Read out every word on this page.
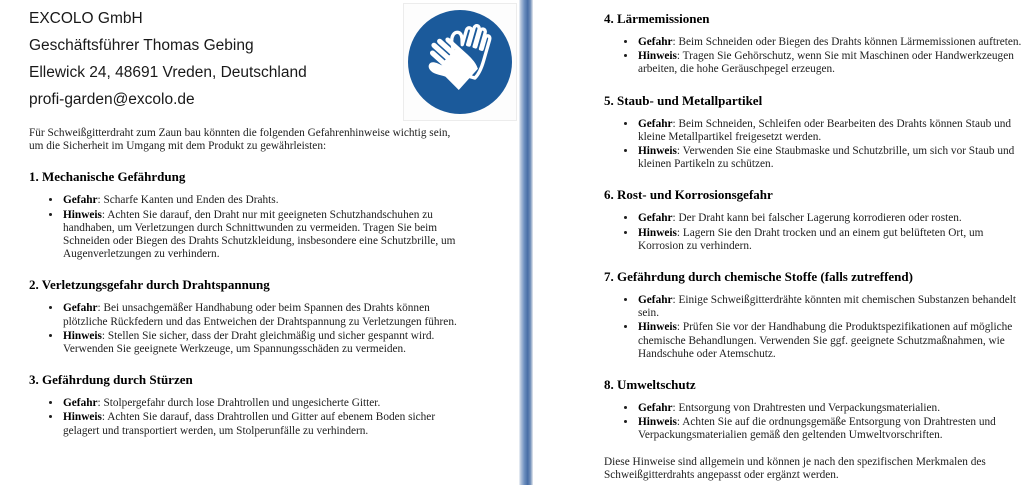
EXCOLO GmbH
Geschäftsführer Thomas Gebing
Ellewick 24, 48691 Vreden, Deutschland
profi-garden@excolo.de

Für Schweißgitterdraht zum Zaun bau könnten die folgenden Gefahrenhinweise wichtig sein, um die Sicherheit im Umgang mit dem Produkt zu gewährleisten:

1. Mechanische Gefährdung
• Gefahr: Scharfe Kanten und Enden des Drahts.
• Hinweis: Achten Sie darauf, den Draht nur mit geeigneten Schutzhandschuhen zu handhaben, um Verletzungen durch Schnittwunden zu vermeiden. Tragen Sie beim Schneiden oder Biegen des Drahts Schutzkleidung, insbesondere eine Schutzbrille, um Augenverletzungen zu verhindern.
2. Verletzungsgefahr durch Drahtspannung
• Gefahr: Bei unsachgemäßer Handhabung oder beim Spannen des Drahts können plötzliche Rückfedern und das Entweichen der Drahtspannung zu Verletzungen führen.
• Hinweis: Stellen Sie sicher, dass der Draht gleichmäßig und sicher gespannt wird. Verwenden Sie geeignete Werkzeuge, um Spannungsschäden zu vermeiden.
3. Gefährdung durch Stürzen
• Gefahr: Stolpergefahr durch lose Drahtrollen und ungesicherte Gitter.
• Hinweis: Achten Sie darauf, dass Drahtrollen und Gitter auf ebenem Boden sicher gelagert und transportiert werden, um Stolperunfälle zu verhindern.
4. Lärmemissionen
• Gefahr: Beim Schneiden oder Biegen des Drahts können Lärmemissionen auftreten.
• Hinweis: Tragen Sie Gehörschutz, wenn Sie mit Maschinen oder Handwerkzeugen arbeiten, die hohe Geräuschpegel erzeugen.
5. Staub- und Metallpartikel
• Gefahr: Beim Schneiden, Schleifen oder Bearbeiten des Drahts können Staub und kleine Metallpartikel freigesetzt werden.
• Hinweis: Verwenden Sie eine Staubmaske und Schutzbrille, um sich vor Staub und kleinen Partikeln zu schützen.
6. Rost- und Korrosionsgefahr
• Gefahr: Der Draht kann bei falscher Lagerung korrodieren oder rosten.
• Hinweis: Lagern Sie den Draht trocken und an einem gut belüfteten Ort, um Korrosion zu verhindern.
7. Gefährdung durch chemische Stoffe (falls zutreffend)
• Gefahr: Einige Schweißgitterdrähte könnten mit chemischen Substanzen behandelt sein.
• Hinweis: Prüfen Sie vor der Handhabung die Produktspezifikationen auf mögliche chemische Behandlungen. Verwenden Sie ggf. geeignete Schutzmaßnahmen, wie Handschuhe oder Atemschutz.
8. Umweltschutz
• Gefahr: Entsorgung von Drahtresten und Verpackungsmaterialien.
• Hinweis: Achten Sie auf die ordnungsgemäße Entsorgung von Drahtresten und Verpackungsmaterialien gemäß den geltenden Umweltvorschriften.

Diese Hinweise sind allgemein und können je nach den spezifischen Merkmalen des Schweißgitterdrahts angepasst oder ergänzt werden.
